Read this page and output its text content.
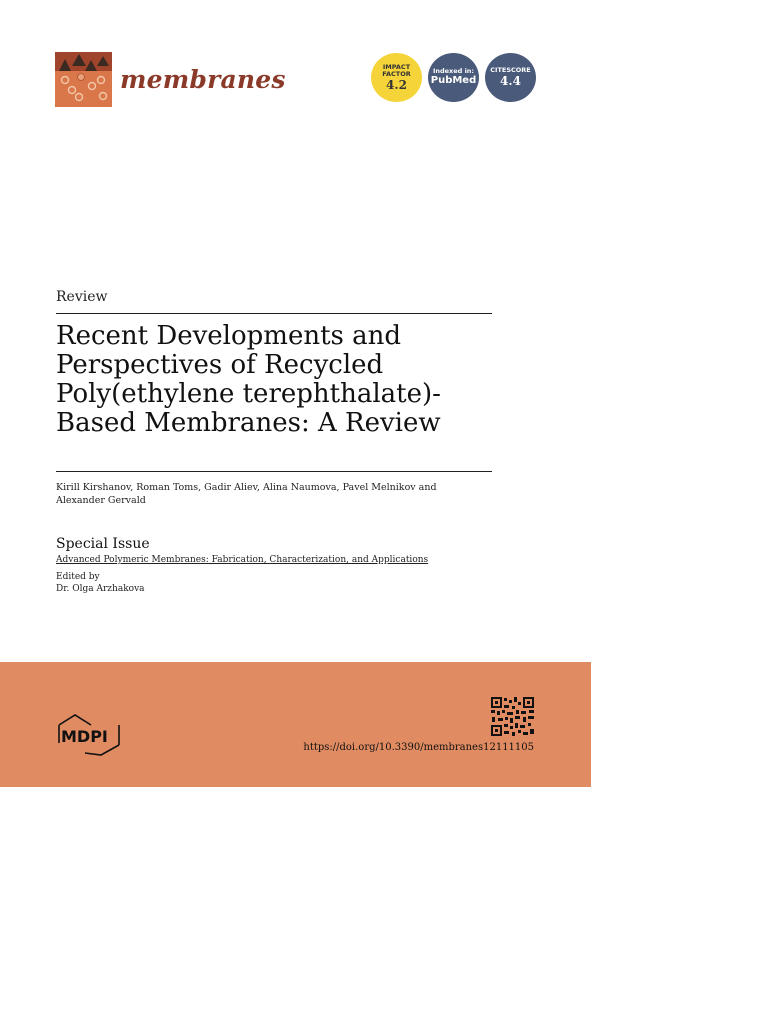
membranes	IMPACT
FACTOR
4.2
Indexed in:
PubMed
CITESCORE
4.4
Review
Recent Developments and Perspectives of Recycled Poly(ethylene terephthalate)-Based Membranes: A Review
Kirill Kirshanov, Roman Toms, Gadir Aliev, Alina Naumova, Pavel Melnikov and Alexander Gervald
Special Issue
Advanced Polymeric Membranes: Fabrication, Characterization, and Applications
Edited by
Dr. Olga Arzhakova
MDPI
https://doi.org/10.3390/membranes12111105
